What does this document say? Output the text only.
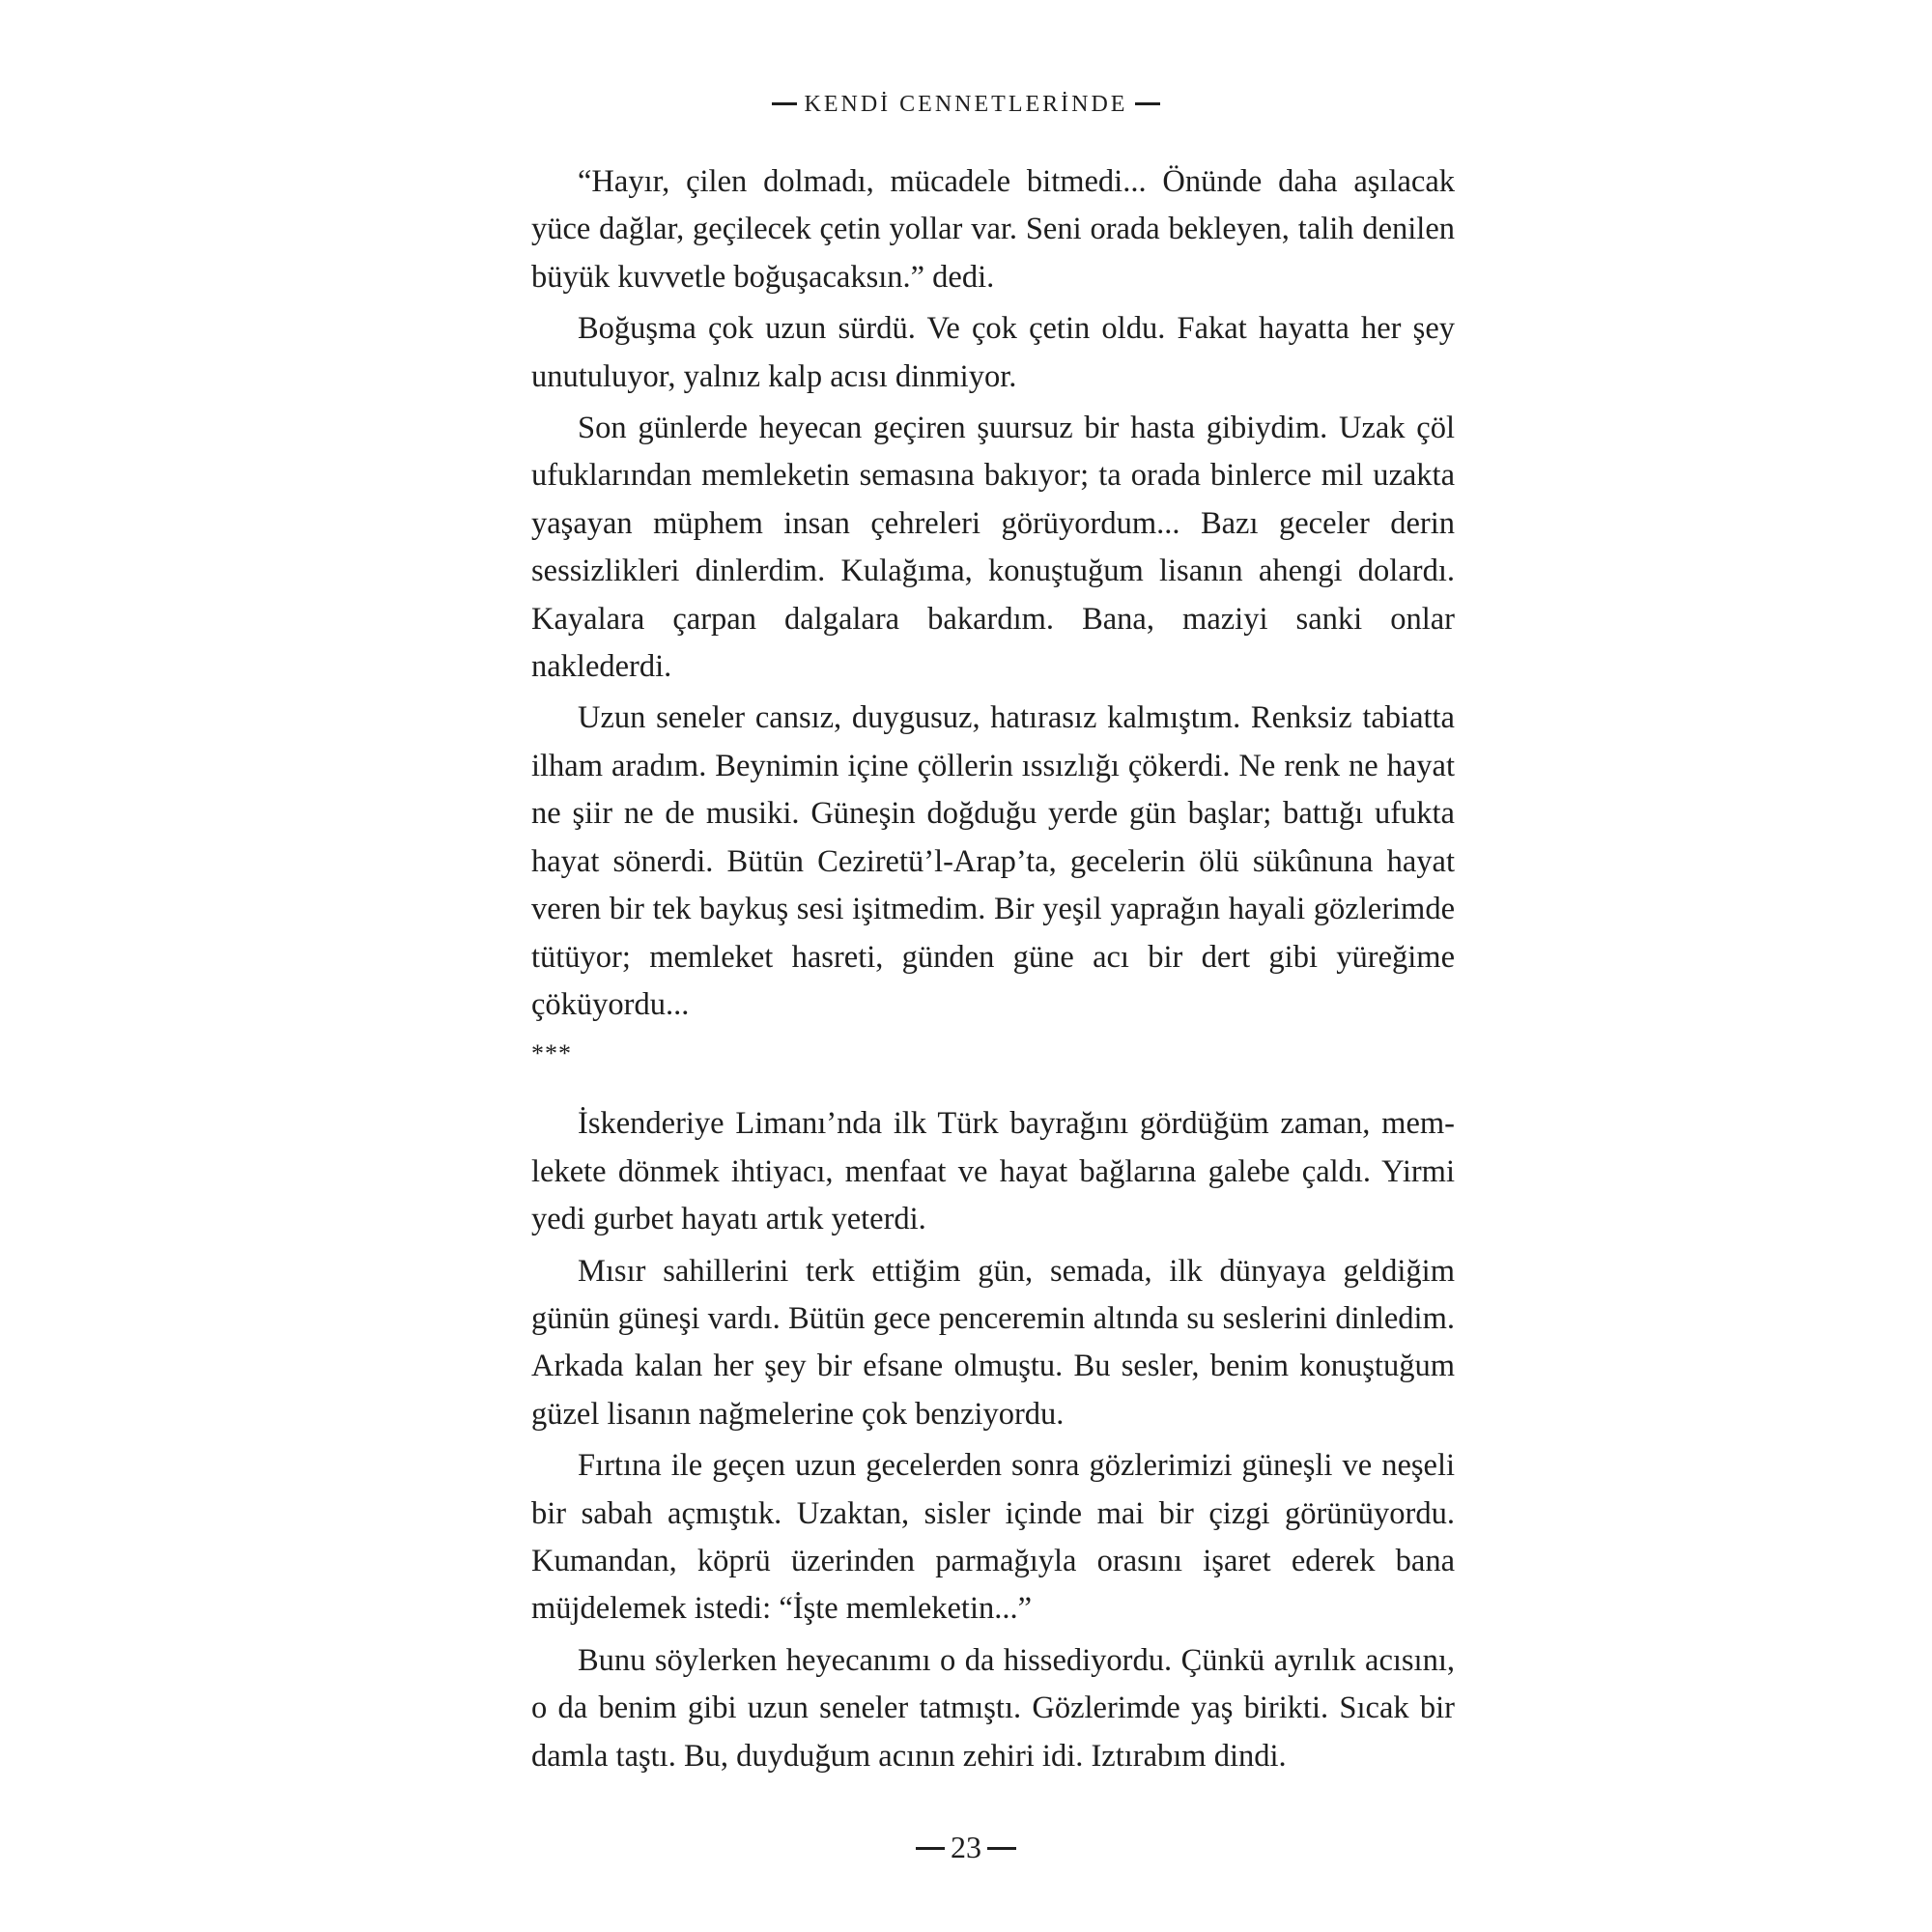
KENDİ CENNETLERİNDE

“Hayır, çilen dolmadı, mücadele bitmedi... Önünde daha aşılacak yüce dağlar, geçilecek çetin yollar var. Seni orada bekleyen, talih denilen büyük kuvvetle boğuşacaksın.” dedi.

Boğuşma çok uzun sürdü. Ve çok çetin oldu. Fakat hayatta her şey unutuluyor, yalnız kalp acısı dinmiyor.

Son günlerde heyecan geçiren şuursuz bir hasta gibiydim. Uzak çöl ufuklarından memleketin semasına bakıyor; ta orada binlerce mil uzakta yaşayan müphem insan çehreleri görüyordum... Bazı geceler derin sessizlikleri dinlerdim. Kulağıma, konuştuğum lisanın ahengi dolardı. Kayalara çarpan dalgalara bakardım. Bana, maziyi sanki onlar naklederdi.

Uzun seneler cansız, duygusuz, hatırasız kalmıştım. Renksiz tabiatta ilham aradım. Beynimin içine çöllerin ıssızlığı çökerdi. Ne renk ne hayat ne şiir ne de musiki. Güneşin doğduğu yerde gün başlar; battığı ufukta hayat sönerdi. Bütün Ceziretü’l-Arap’ta, gecelerin ölü sükûnuna hayat veren bir tek baykuş sesi işitmedim. Bir yeşil yaprağın hayali gözlerimde tütüyor; memleket hasreti, günden güne acı bir dert gibi yüreğime çöküyordu...

***

İskenderiye Limanı’nda ilk Türk bayrağını gördüğüm zaman, memlekete dönmek ihtiyacı, menfaat ve hayat bağlarına galebe çaldı. Yirmi yedi gurbet hayatı artık yeterdi.

Mısır sahillerini terk ettiğim gün, semada, ilk dünyaya geldiğim günün güneşi vardı. Bütün gece penceremin altında su seslerini dinledim. Arkada kalan her şey bir efsane olmuştu. Bu sesler, benim konuştuğum güzel lisanın nağmelerine çok benziyordu.

Fırtına ile geçen uzun gecelerden sonra gözlerimizi güneşli ve neşeli bir sabah açmıştık. Uzaktan, sisler içinde mai bir çizgi görünüyordu. Kumandan, köprü üzerinden parmağıyla orasını işaret ederek bana müjdelemek istedi: “İşte memleketin...”

Bunu söylerken heyecanımı o da hissediyordu. Çünkü ayrılık acısını, o da benim gibi uzun seneler tatmıştı. Gözlerimde yaş birikti. Sıcak bir damla taştı. Bu, duyduğum acının zehiri idi. Iztırabım dindi.

23
